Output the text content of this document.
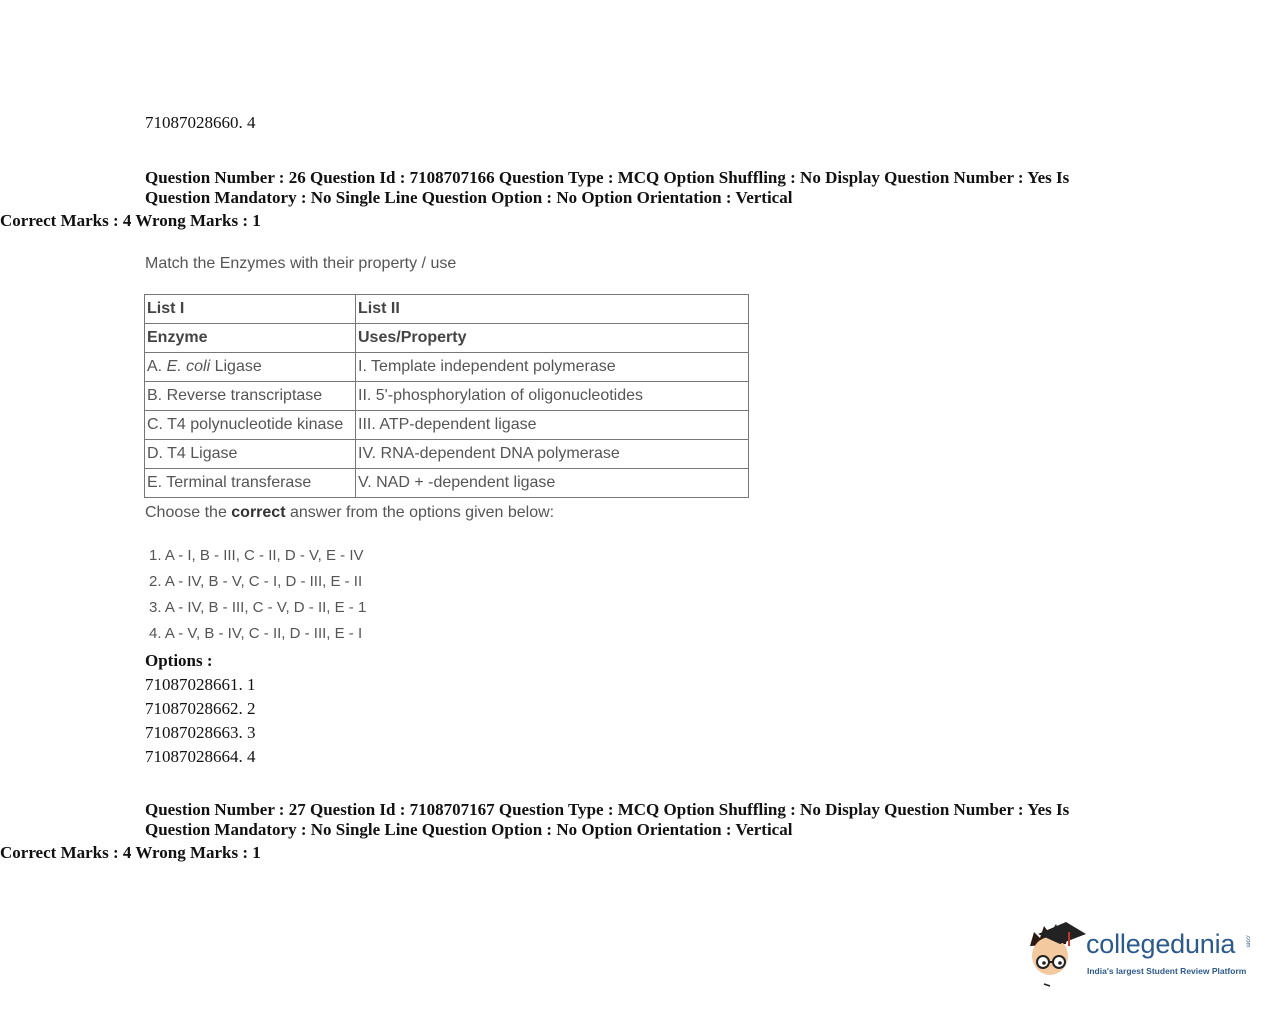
71087028660. 4
Question Number : 26 Question Id : 7108707166 Question Type : MCQ Option Shuffling : No Display Question Number : Yes Is
Question Mandatory : No Single Line Question Option : No Option Orientation : Vertical
Correct Marks : 4 Wrong Marks : 1
Match the Enzymes with their property / use
List I	List II
Enzyme	Uses/Property
A. E. coli Ligase	I. Template independent polymerase
B. Reverse transcriptase	II. 5'-phosphorylation of oligonucleotides
C. T4 polynucleotide kinase	III. ATP-dependent ligase
D. T4 Ligase	IV. RNA-dependent DNA polymerase
E. Terminal transferase	V. NAD + -dependent ligase
Choose the correct answer from the options given below:
1. A - I, B - III, C - II, D - V, E - IV
2. A - IV, B - V, C - I, D - III, E - II
3. A - IV, B - III, C - V, D - II, E - 1
4. A - V, B - IV, C - II, D - III, E - I
Options :
71087028661. 1
71087028662. 2
71087028663. 3
71087028664. 4
Question Number : 27 Question Id : 7108707167 Question Type : MCQ Option Shuffling : No Display Question Number : Yes Is
Question Mandatory : No Single Line Question Option : No Option Orientation : Vertical
Correct Marks : 4 Wrong Marks : 1
collegedunia .com
India's largest Student Review Platform
